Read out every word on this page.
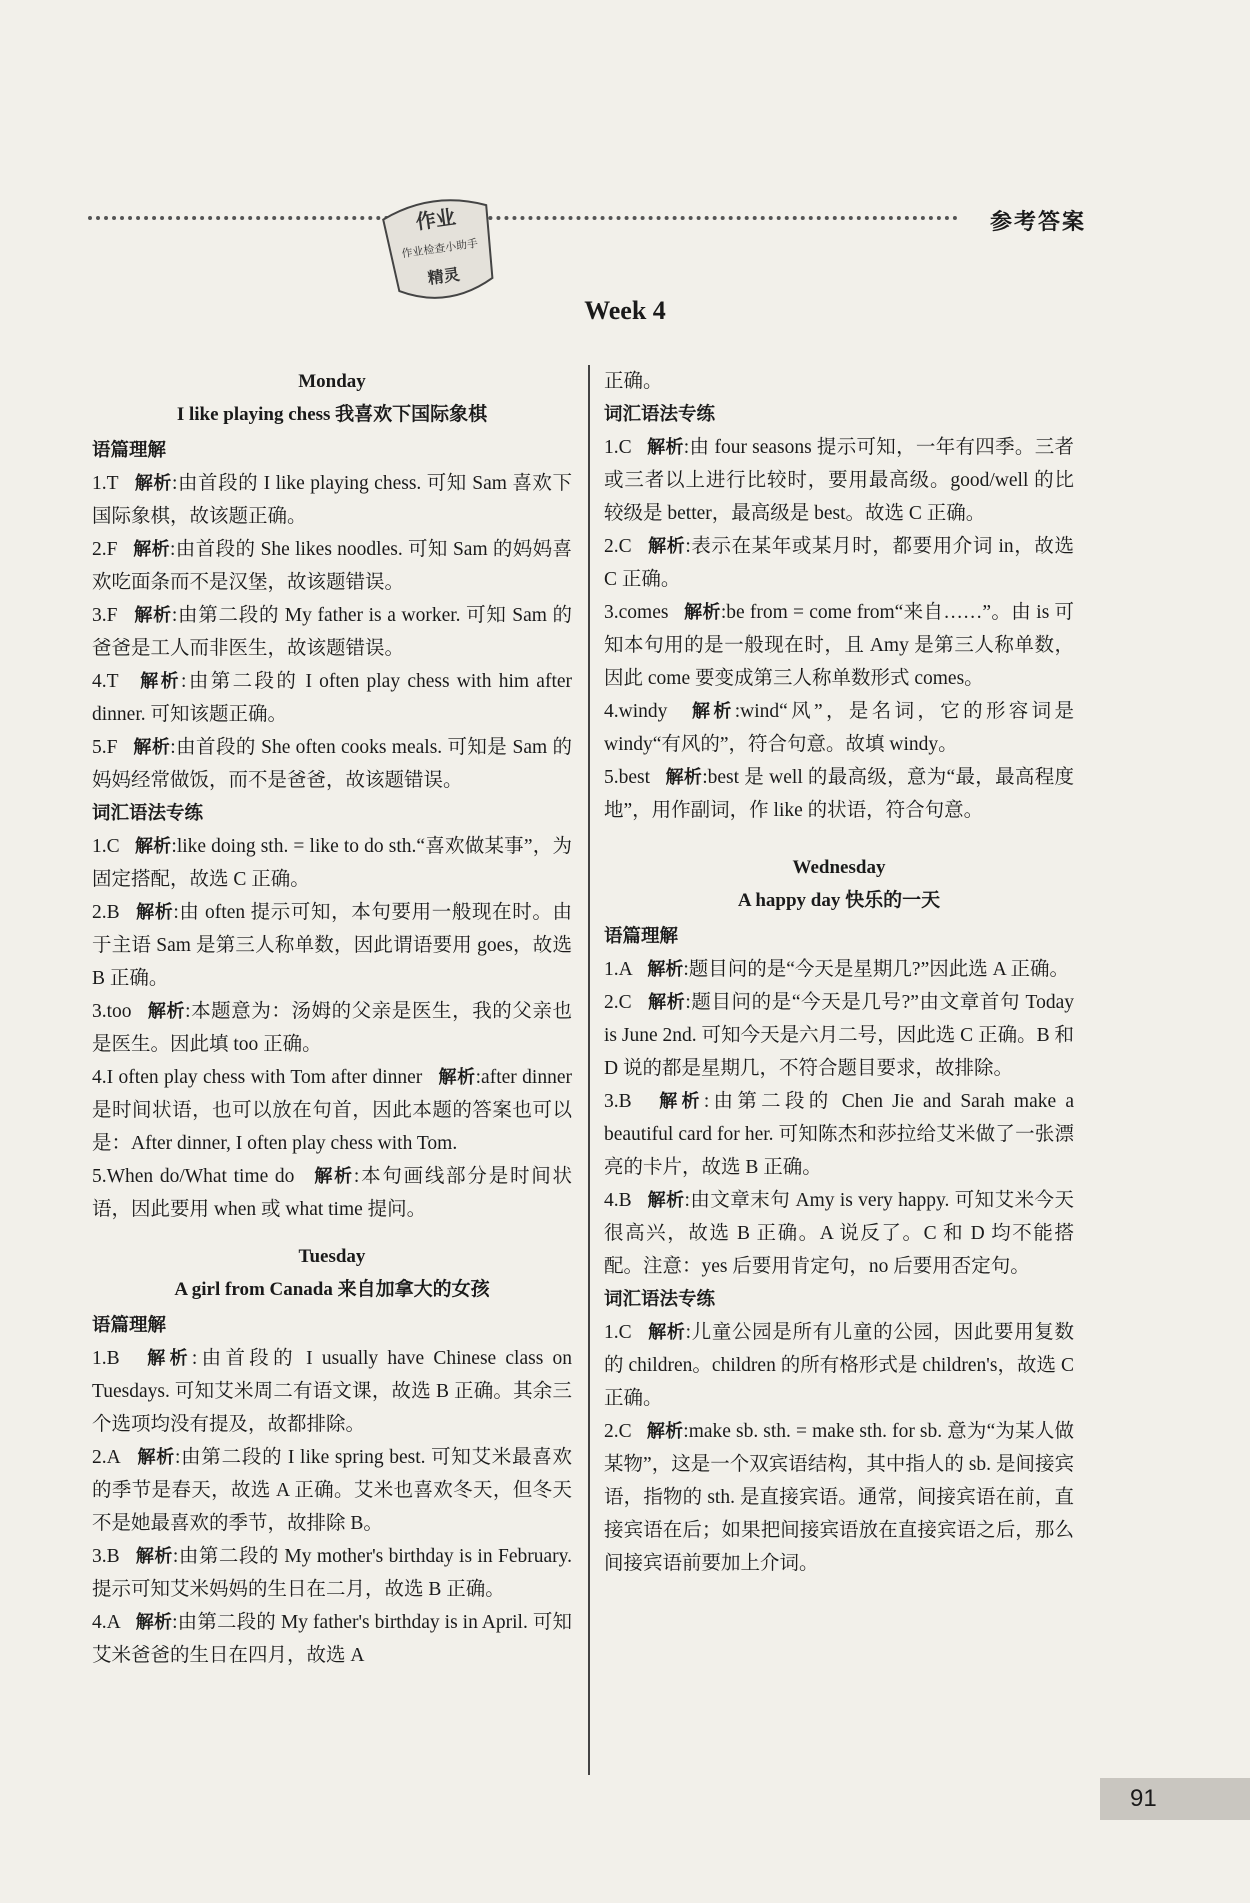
参考答案
作业
作业检查小助手
精灵
Week 4
Monday
I like playing chess 我喜欢下国际象棋
语篇理解
1.T 解析:由首段的 I like playing chess. 可知 Sam 喜欢下国际象棋，故该题正确。
2.F 解析:由首段的 She likes noodles. 可知 Sam 的妈妈喜欢吃面条而不是汉堡，故该题错误。
3.F 解析:由第二段的 My father is a worker. 可知 Sam 的爸爸是工人而非医生，故该题错误。
4.T 解析:由第二段的 I often play chess with him after dinner. 可知该题正确。
5.F 解析:由首段的 She often cooks meals. 可知是 Sam 的妈妈经常做饭，而不是爸爸，故该题错误。
词汇语法专练
1.C 解析:like doing sth. = like to do sth.“喜欢做某事”，为固定搭配，故选 C 正确。
2.B 解析:由 often 提示可知，本句要用一般现在时。由于主语 Sam 是第三人称单数，因此谓语要用 goes，故选 B 正确。
3.too 解析:本题意为：汤姆的父亲是医生，我的父亲也是医生。因此填 too 正确。
4.I often play chess with Tom after dinner 解析:after dinner 是时间状语，也可以放在句首，因此本题的答案也可以是：After dinner, I often play chess with Tom.
5.When do/What time do 解析:本句画线部分是时间状语，因此要用 when 或 what time 提问。
Tuesday
A girl from Canada 来自加拿大的女孩
语篇理解
1.B 解析:由首段的 I usually have Chinese class on Tuesdays. 可知艾米周二有语文课，故选 B 正确。其余三个选项均没有提及，故都排除。
2.A 解析:由第二段的 I like spring best. 可知艾米最喜欢的季节是春天，故选 A 正确。艾米也喜欢冬天，但冬天不是她最喜欢的季节，故排除 B。
3.B 解析:由第二段的 My mother's birthday is in February. 提示可知艾米妈妈的生日在二月，故选 B 正确。
4.A 解析:由第二段的 My father's birthday is in April. 可知艾米爸爸的生日在四月，故选 A
正确。
词汇语法专练
1.C 解析:由 four seasons 提示可知，一年有四季。三者或三者以上进行比较时，要用最高级。good/well 的比较级是 better，最高级是 best。故选 C 正确。
2.C 解析:表示在某年或某月时，都要用介词 in，故选 C 正确。
3.comes 解析:be from = come from“来自……”。由 is 可知本句用的是一般现在时，且 Amy 是第三人称单数，因此 come 要变成第三人称单数形式 comes。
4.windy 解析:wind“风”，是名词，它的形容词是 windy“有风的”，符合句意。故填 windy。
5.best 解析:best 是 well 的最高级，意为“最，最高程度地”，用作副词，作 like 的状语，符合句意。
Wednesday
A happy day 快乐的一天
语篇理解
1.A 解析:题目问的是“今天是星期几?”因此选 A 正确。
2.C 解析:题目问的是“今天是几号?”由文章首句 Today is June 2nd. 可知今天是六月二号，因此选 C 正确。B 和 D 说的都是星期几，不符合题目要求，故排除。
3.B 解析:由第二段的 Chen Jie and Sarah make a beautiful card for her. 可知陈杰和莎拉给艾米做了一张漂亮的卡片，故选 B 正确。
4.B 解析:由文章末句 Amy is very happy. 可知艾米今天很高兴，故选 B 正确。A 说反了。C 和 D 均不能搭配。注意：yes 后要用肯定句，no 后要用否定句。
词汇语法专练
1.C 解析:儿童公园是所有儿童的公园，因此要用复数的 children。children 的所有格形式是 children's，故选 C 正确。
2.C 解析:make sb. sth. = make sth. for sb. 意为“为某人做某物”，这是一个双宾语结构，其中指人的 sb. 是间接宾语，指物的 sth. 是直接宾语。通常，间接宾语在前，直接宾语在后；如果把间接宾语放在直接宾语之后，那么间接宾语前要加上介词。
91
